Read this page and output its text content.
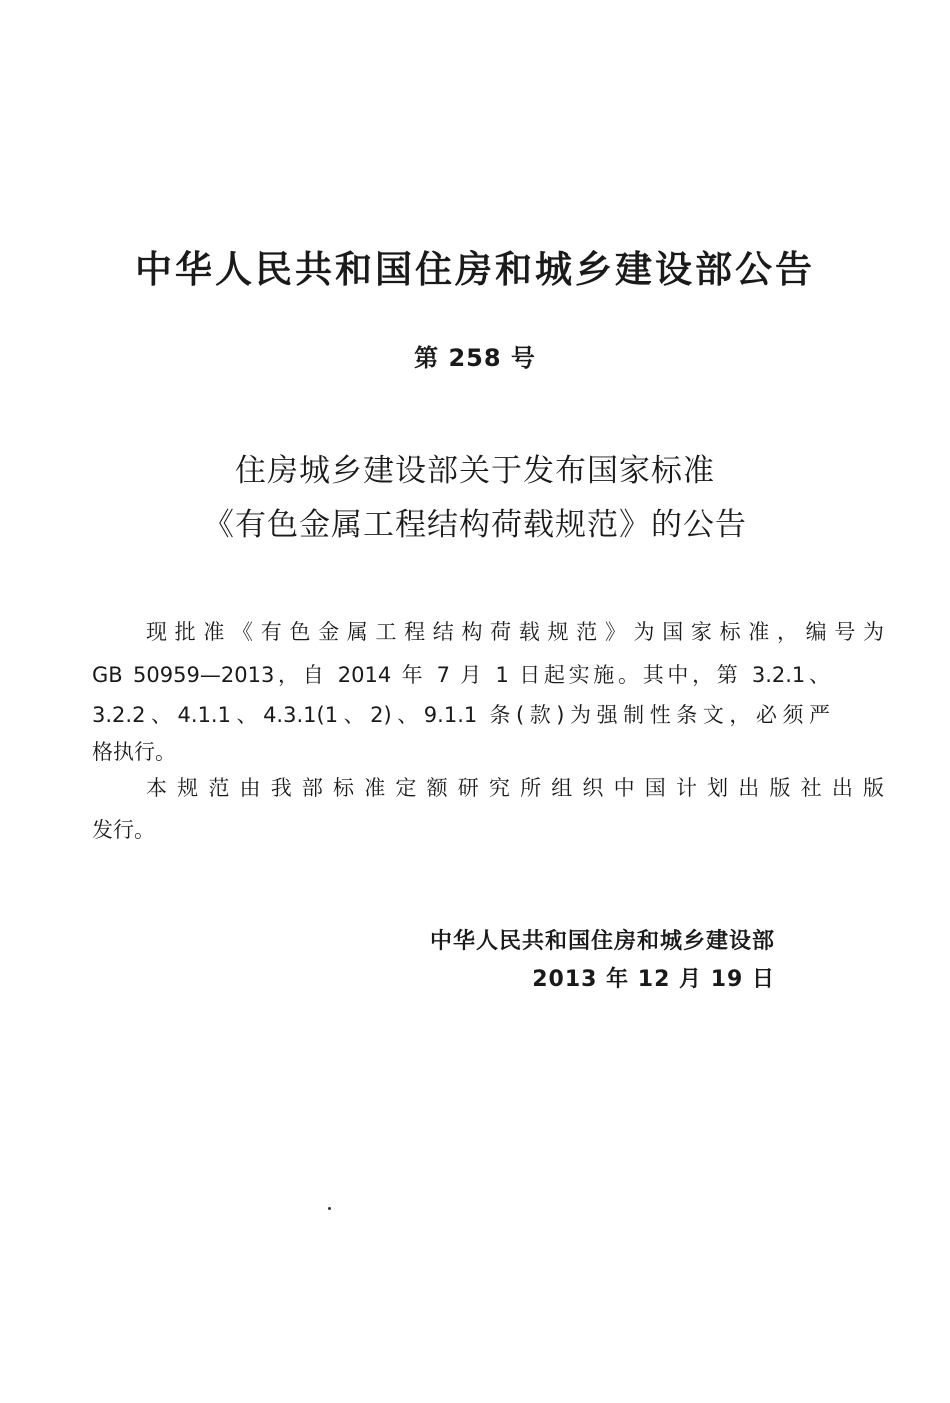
中华人民共和国住房和城乡建设部公告
第 258 号
住房城乡建设部关于发布国家标准
《有色金属工程结构荷载规范》的公告
现批准《有色金属工程结构荷载规范》为国家标准，编号为
GB 50959—2013，自 2014 年 7 月 1 日起实施。其中，第 3.2.1、
3.2.2、4.1.1、4.3.1(1、2)、9.1.1 条(款)为强制性条文，必须严
格执行。
本规范由我部标准定额研究所组织中国计划出版社出版
发行。
中华人民共和国住房和城乡建设部
2013 年 12 月 19 日
